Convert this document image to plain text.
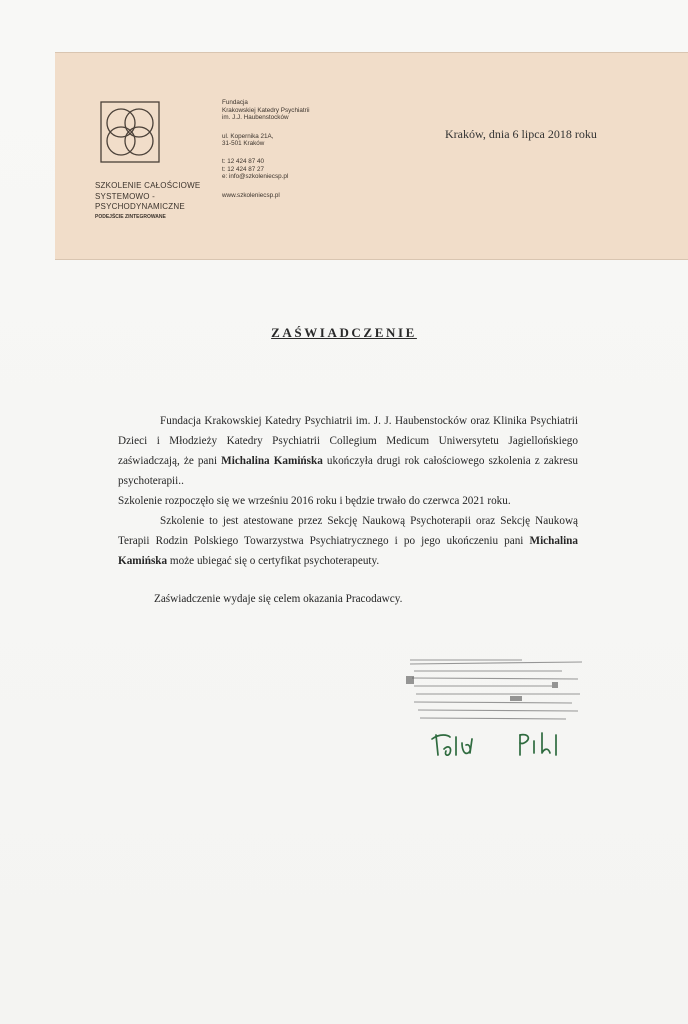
SZKOLENIE CAŁOŚCIOWE
SYSTEMOWO -
PSYCHODYNAMICZNE
PODEJŚCIE ZINTEGROWANE
Fundacja
Krakowskiej Katedry Psychiatrii
im. J.J. Haubenstocków
ul. Kopernika 21A,
31-501 Kraków
t: 12 424 87 40
t: 12 424 87 27
e: info@szkoleniecsp.pl
www.szkoleniecsp.pl
Kraków, dnia 6 lipca 2018 roku
ZAŚWIADCZENIE

Fundacja Krakowskiej Katedry Psychiatrii im. J. J. Haubenstocków oraz Klinika Psychiatrii Dzieci i Młodzieży Katedry Psychiatrii Collegium Medicum Uniwersytetu Jagiellońskiego zaświadczają, że pani Michalina Kamińska ukończyła drugi rok całościowego szkolenia z zakresu psychoterapii..

Szkolenie rozpoczęło się we wrześniu 2016 roku i będzie trwało do czerwca 2021 roku.

Szkolenie to jest atestowane przez Sekcję Naukową Psychoterapii oraz Sekcję Naukową Terapii Rodzin Polskiego Towarzystwa Psychiatrycznego i po jego ukończeniu pani Michalina Kamińska może ubiegać się o certyfikat psychoterapeuty.

Zaświadczenie wydaje się celem okazania Pracodawcy.
